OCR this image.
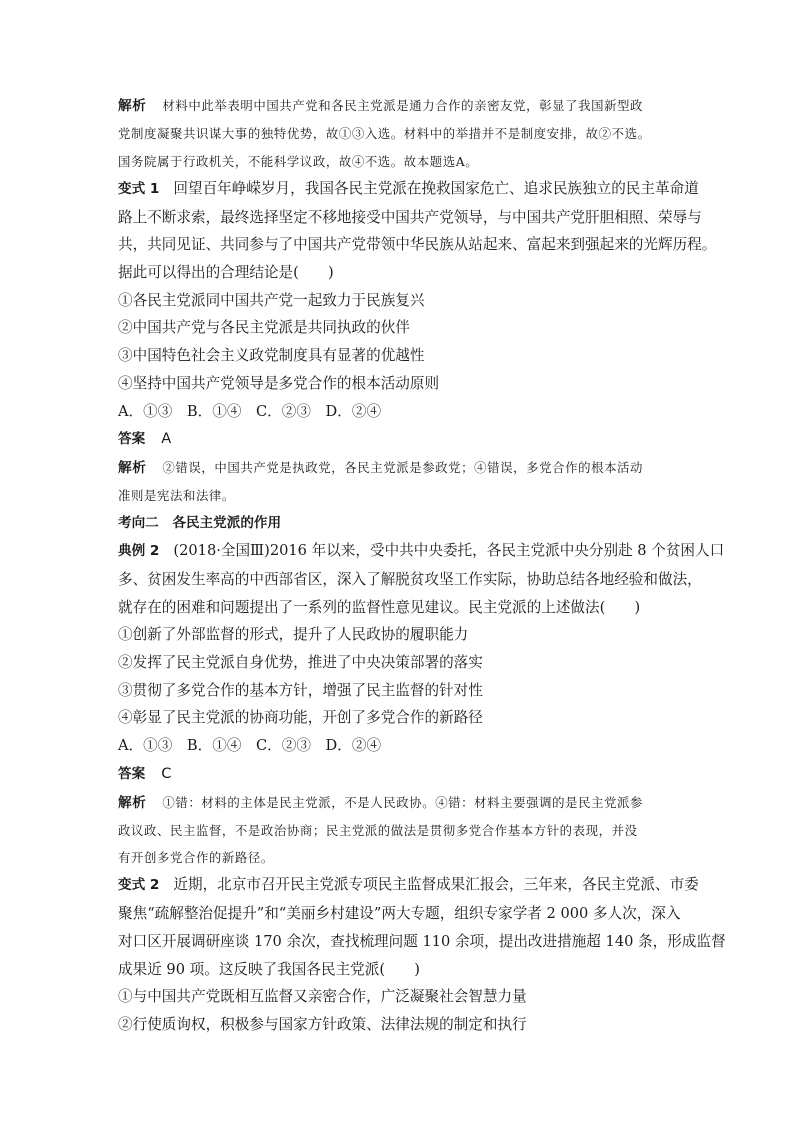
解析 材料中此举表明中国共产党和各民主党派是通力合作的亲密友党，彰显了我国新型政
党制度凝聚共识谋大事的独特优势，故①③入选。材料中的举措并不是制度安排，故②不选。
国务院属于行政机关，不能科学议政，故④不选。故本题选A。
变式 1 回望百年峥嵘岁月，我国各民主党派在挽救国家危亡、追求民族独立的民主革命道
路上不断求索，最终选择坚定不移地接受中国共产党领导，与中国共产党肝胆相照、荣辱与
共，共同见证、共同参与了中国共产党带领中华民族从站起来、富起来到强起来的光辉历程。
据此可以得出的合理结论是(　　)
①各民主党派同中国共产党一起致力于民族复兴
②中国共产党与各民主党派是共同执政的伙伴
③中国特色社会主义政党制度具有显著的优越性
④坚持中国共产党领导是多党合作的根本活动原则
A．①③　B．①④　C．②③　D．②④
答案 A
解析 ②错误，中国共产党是执政党，各民主党派是参政党；④错误，多党合作的根本活动
准则是宪法和法律。
考向二　各民主党派的作用
典例 2 (2018·全国Ⅲ)2016 年以来，受中共中央委托，各民主党派中央分别赴 8 个贫困人口
多、贫困发生率高的中西部省区，深入了解脱贫攻坚工作实际，协助总结各地经验和做法，
就存在的困难和问题提出了一系列的监督性意见建议。民主党派的上述做法(　　)
①创新了外部监督的形式，提升了人民政协的履职能力
②发挥了民主党派自身优势，推进了中央决策部署的落实
③贯彻了多党合作的基本方针，增强了民主监督的针对性
④彰显了民主党派的协商功能，开创了多党合作的新路径
A．①③　B．①④　C．②③　D．②④
答案 C
解析 ①错：材料的主体是民主党派，不是人民政协。④错：材料主要强调的是民主党派参
政议政、民主监督，不是政治协商；民主党派的做法是贯彻多党合作基本方针的表现，并没
有开创多党合作的新路径。
变式 2 近期，北京市召开民主党派专项民主监督成果汇报会，三年来，各民主党派、市委
聚焦“疏解整治促提升”和“美丽乡村建设”两大专题，组织专家学者 2 000 多人次，深入
对口区开展调研座谈 170 余次，查找梳理问题 110 余项，提出改进措施超 140 条，形成监督
成果近 90 项。这反映了我国各民主党派(　　)
①与中国共产党既相互监督又亲密合作，广泛凝聚社会智慧力量
②行使质询权，积极参与国家方针政策、法律法规的制定和执行
